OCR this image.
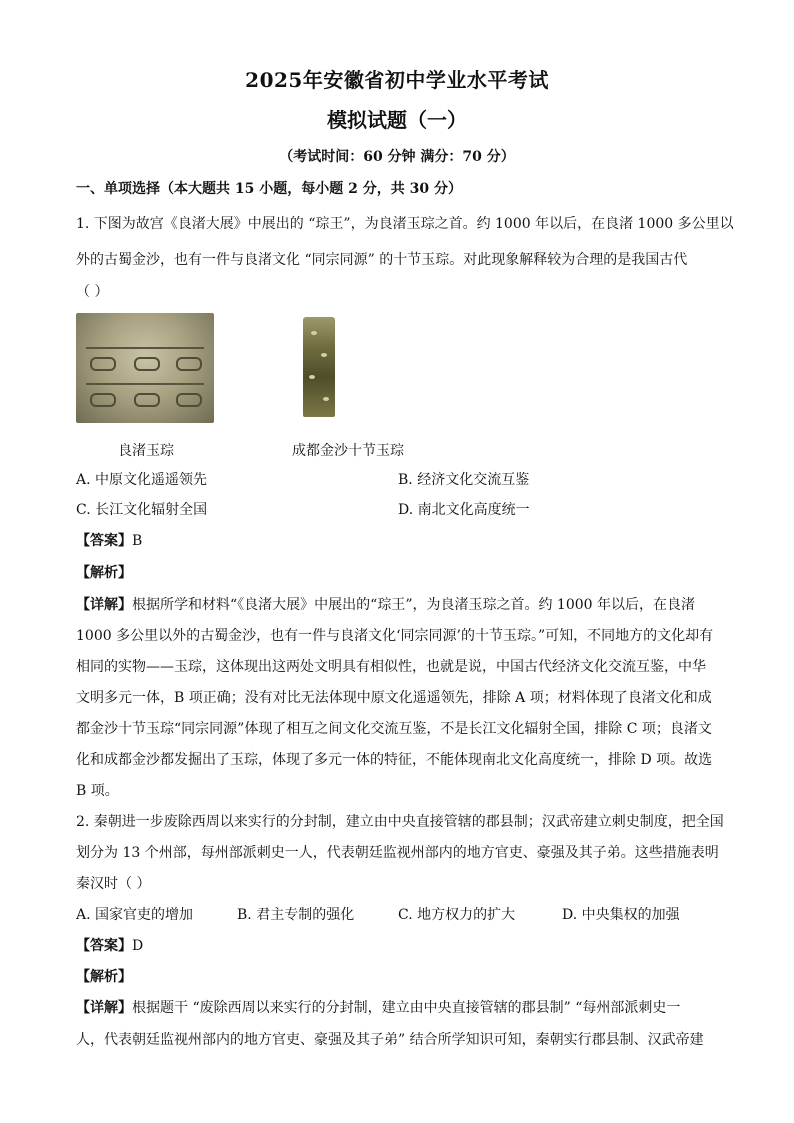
2025年安徽省初中学业水平考试
模拟试题（一）
（考试时间：60 分钟 满分：70 分）
一、单项选择（本大题共 15 小题，每小题 2 分，共 30 分）
1. 下图为故宫《良渚大展》中展出的 “琮王”，为良渚玉琮之首。约 1000 年以后，在良渚 1000 多公里以
外的古蜀金沙，也有一件与良渚文化 “同宗同源” 的十节玉琮。对此现象解释较为合理的是我国古代
（ ）
良渚玉琮	成都金沙十节玉琮
A. 中原文化遥遥领先	B. 经济文化交流互鉴
C. 长江文化辐射全国	D. 南北文化高度统一
【答案】B
【解析】
【详解】根据所学和材料“《良渚大展》中展出的“琮王”，为良渚玉琮之首。约 1000 年以后，在良渚
1000 多公里以外的古蜀金沙，也有一件与良渚文化‘同宗同源’的十节玉琮。”可知，不同地方的文化却有
相同的实物——玉琮，这体现出这两处文明具有相似性，也就是说，中国古代经济文化交流互鉴，中华
文明多元一体，B 项正确；没有对比无法体现中原文化遥遥领先，排除 A 项；材料体现了良渚文化和成
都金沙十节玉琮“同宗同源”体现了相互之间文化交流互鉴，不是长江文化辐射全国，排除 C 项；良渚文
化和成都金沙都发掘出了玉琮，体现了多元一体的特征，不能体现南北文化高度统一，排除 D 项。故选
B 项。
2. 秦朝进一步废除西周以来实行的分封制，建立由中央直接管辖的郡县制；汉武帝建立刺史制度，把全国
划分为 13 个州部，每州部派刺史一人，代表朝廷监视州部内的地方官吏、豪强及其子弟。这些措施表明
秦汉时（ ）
A. 国家官吏的增加	B. 君主专制的强化	C. 地方权力的扩大	D. 中央集权的加强
【答案】D
【解析】
【详解】根据题干 “废除西周以来实行的分封制，建立由中央直接管辖的郡县制” “每州部派刺史一
人，代表朝廷监视州部内的地方官吏、豪强及其子弟” 结合所学知识可知，秦朝实行郡县制、汉武帝建
